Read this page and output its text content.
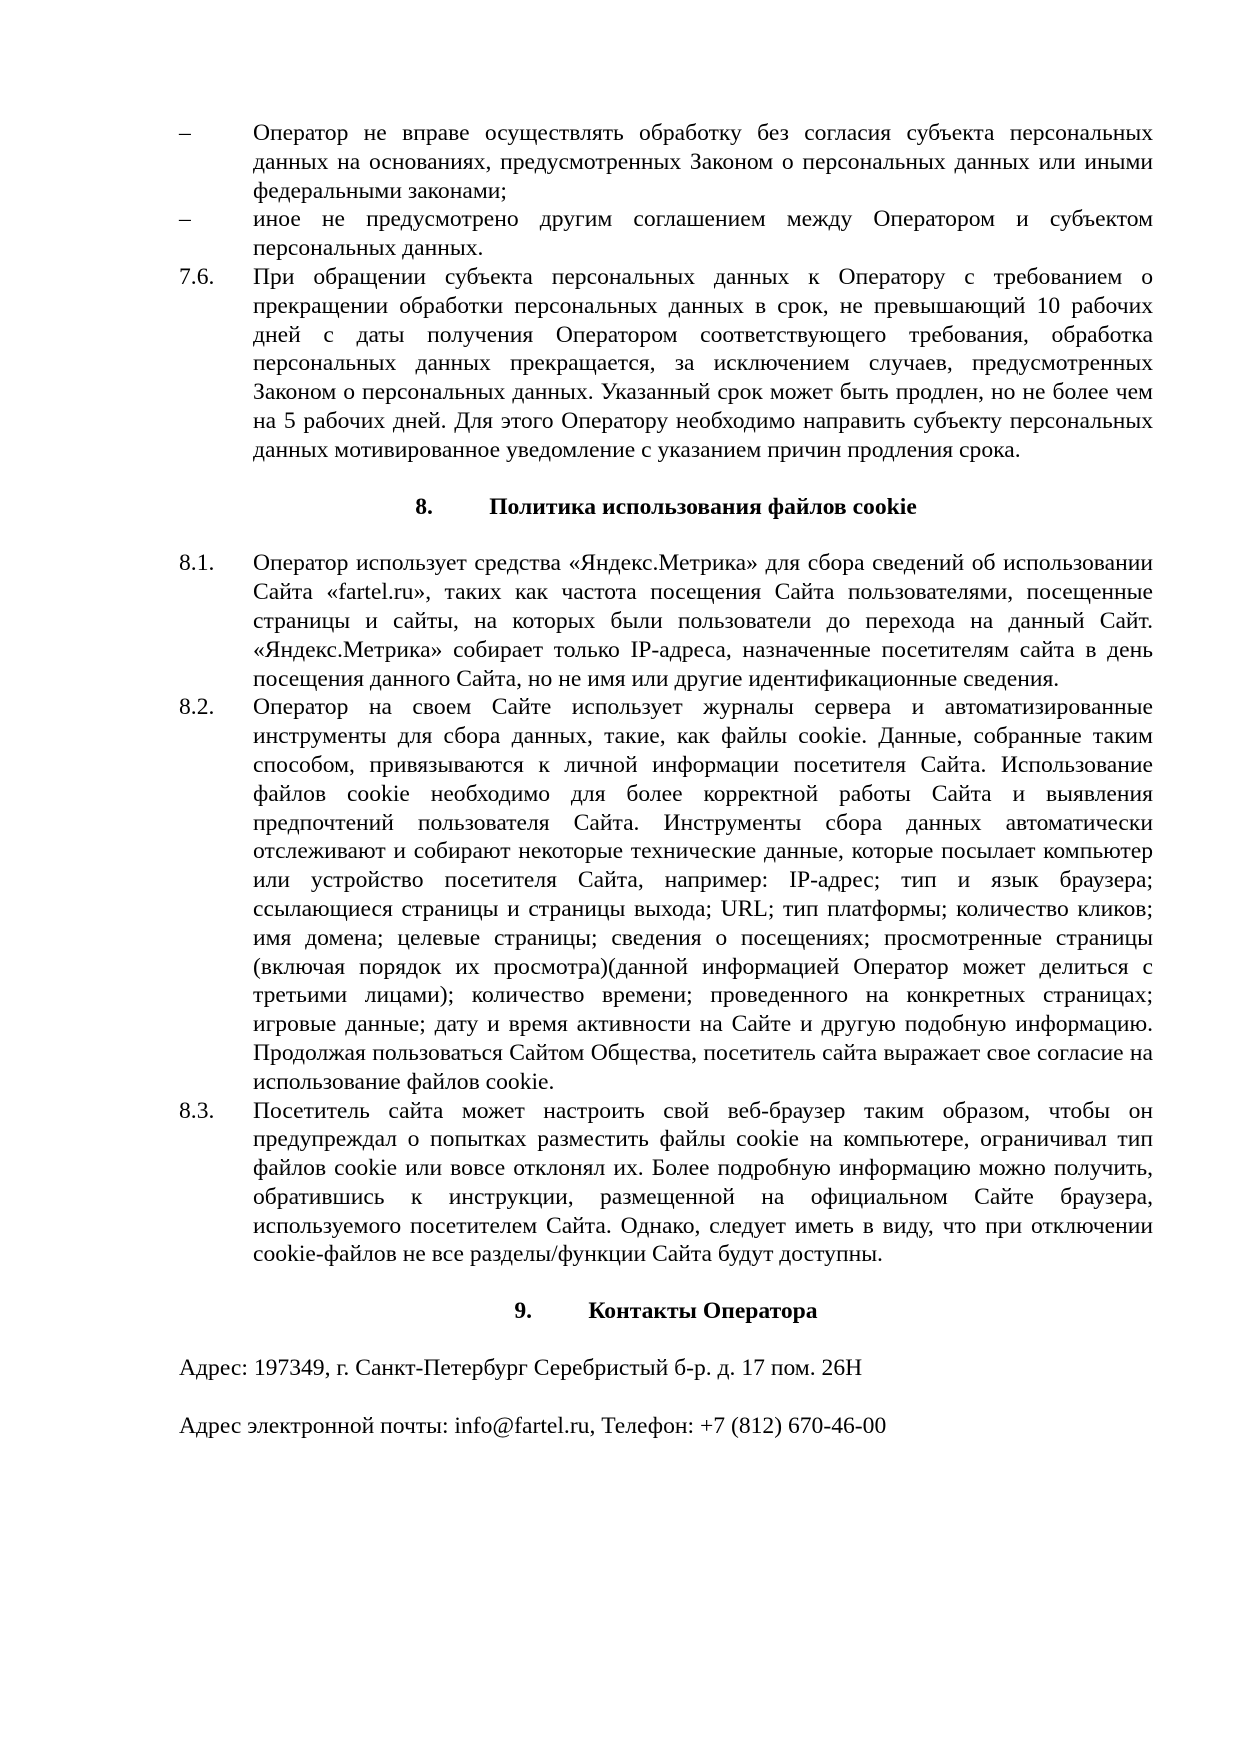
–	Оператор не вправе осуществлять обработку без согласия субъекта персональных данных на основаниях, предусмотренных Законом о персональных данных или иными федеральными законами;

–	иное не предусмотрено другим соглашением между Оператором и субъектом персональных данных.

7.6. При обращении субъекта персональных данных к Оператору с требованием о прекращении обработки персональных данных в срок, не превышающий 10 рабочих дней с даты получения Оператором соответствующего требования, обработка персональных данных прекращается, за исключением случаев, предусмотренных Законом о персональных данных. Указанный срок может быть продлен, но не более чем на 5 рабочих дней. Для этого Оператору необходимо направить субъекту персональных данных мотивированное уведомление с указанием причин продления срока.

8. Политика использования файлов cookie

8.1. Оператор использует средства «Яндекс.Метрика» для сбора сведений об использовании Сайта «fartel.ru», таких как частота посещения Сайта пользователями, посещенные страницы и сайты, на которых были пользователи до перехода на данный Сайт. «Яндекс.Метрика» собирает только IP-адреса, назначенные посетителям сайта в день посещения данного Сайта, но не имя или другие идентификационные сведения.

8.2. Оператор на своем Сайте использует журналы сервера и автоматизированные инструменты для сбора данных, такие, как файлы cookie. Данные, собранные таким способом, привязываются к личной информации посетителя Сайта. Использование файлов cookie необходимо для более корректной работы Сайта и выявления предпочтений пользователя Сайта. Инструменты сбора данных автоматически отслеживают и собирают некоторые технические данные, которые посылает компьютер или устройство посетителя Сайта, например: IP-адрес; тип и язык браузера; ссылающиеся страницы и страницы выхода; URL; тип платформы; количество кликов; имя домена; целевые страницы; сведения о посещениях; просмотренные страницы (включая порядок их просмотра)(данной информацией Оператор может делиться с третьими лицами); количество времени; проведенного на конкретных страницах; игровые данные; дату и время активности на Сайте и другую подобную информацию. Продолжая пользоваться Сайтом Общества, посетитель сайта выражает свое согласие на использование файлов cookie.

8.3. Посетитель сайта может настроить свой веб-браузер таким образом, чтобы он предупреждал о попытках разместить файлы cookie на компьютере, ограничивал тип файлов cookie или вовсе отклонял их. Более подробную информацию можно получить, обратившись к инструкции, размещенной на официальном Сайте браузера, используемого посетителем Сайта. Однако, следует иметь в виду, что при отключении cookie-файлов не все разделы/функции Сайта будут доступны.

9. Контакты Оператора

Адрес: 197349, г. Санкт-Петербург Серебристый б-р. д. 17 пом. 26Н

Адрес электронной почты: info@fartel.ru, Телефон: +7 (812) 670-46-00
